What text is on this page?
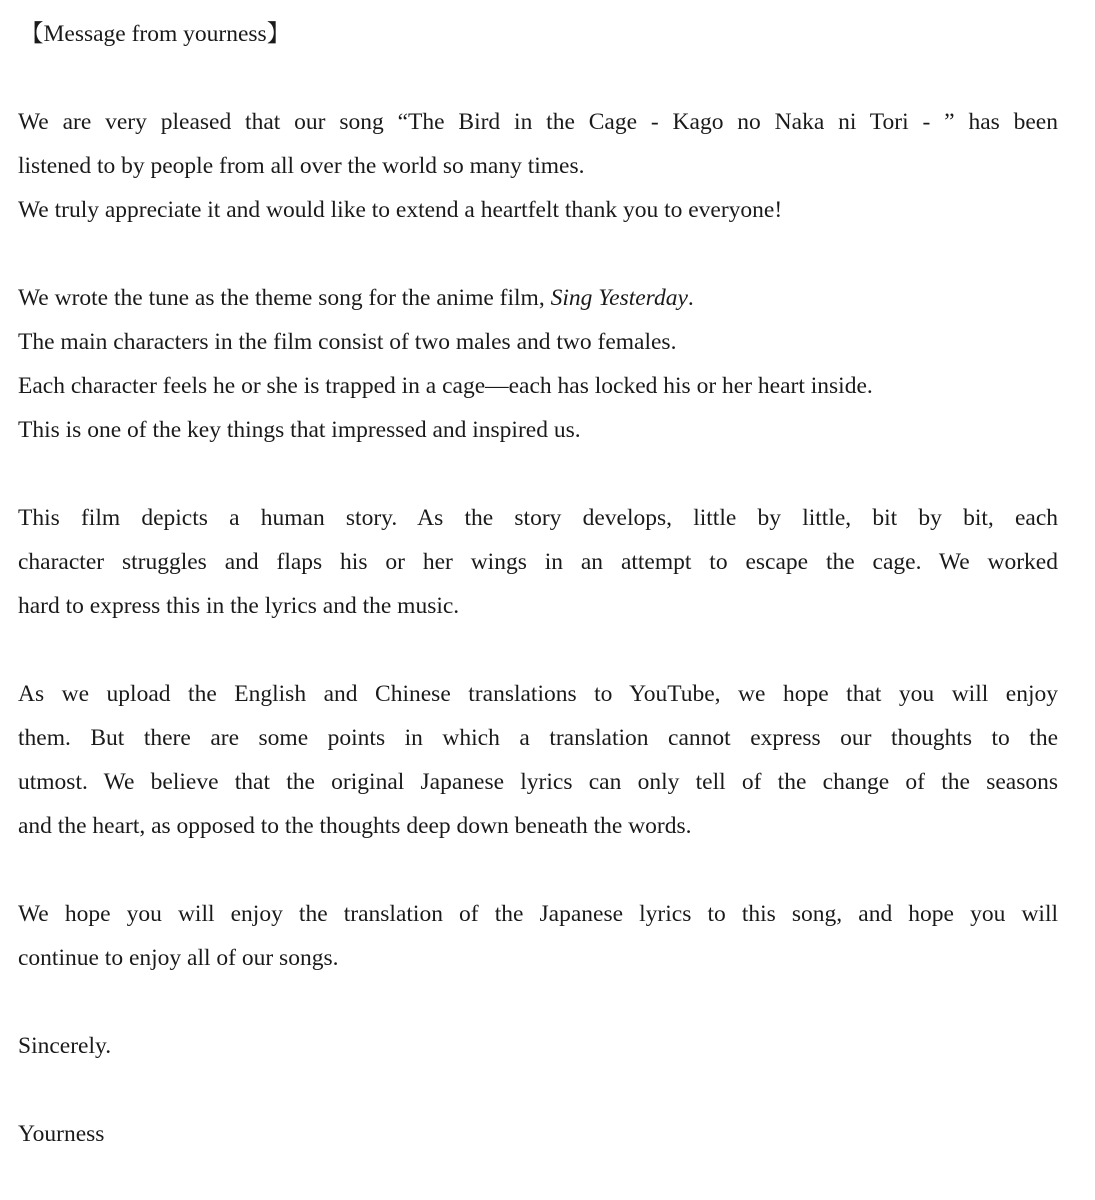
【Message from yourness】
We are very pleased that our song “The Bird in the Cage - Kago no Naka ni Tori - ” has been
listened to by people from all over the world so many times.
We truly appreciate it and would like to extend a heartfelt thank you to everyone!
We wrote the tune as the theme song for the anime film, Sing Yesterday.
The main characters in the film consist of two males and two females.
Each character feels he or she is trapped in a cage—each has locked his or her heart inside.
This is one of the key things that impressed and inspired us.
This film depicts a human story. As the story develops, little by little, bit by bit, each
character struggles and flaps his or her wings in an attempt to escape the cage. We worked
hard to express this in the lyrics and the music.
As we upload the English and Chinese translations to YouTube, we hope that you will enjoy
them. But there are some points in which a translation cannot express our thoughts to the
utmost. We believe that the original Japanese lyrics can only tell of the change of the seasons
and the heart, as opposed to the thoughts deep down beneath the words.
We hope you will enjoy the translation of the Japanese lyrics to this song, and hope you will
continue to enjoy all of our songs.
Sincerely.
Yourness
